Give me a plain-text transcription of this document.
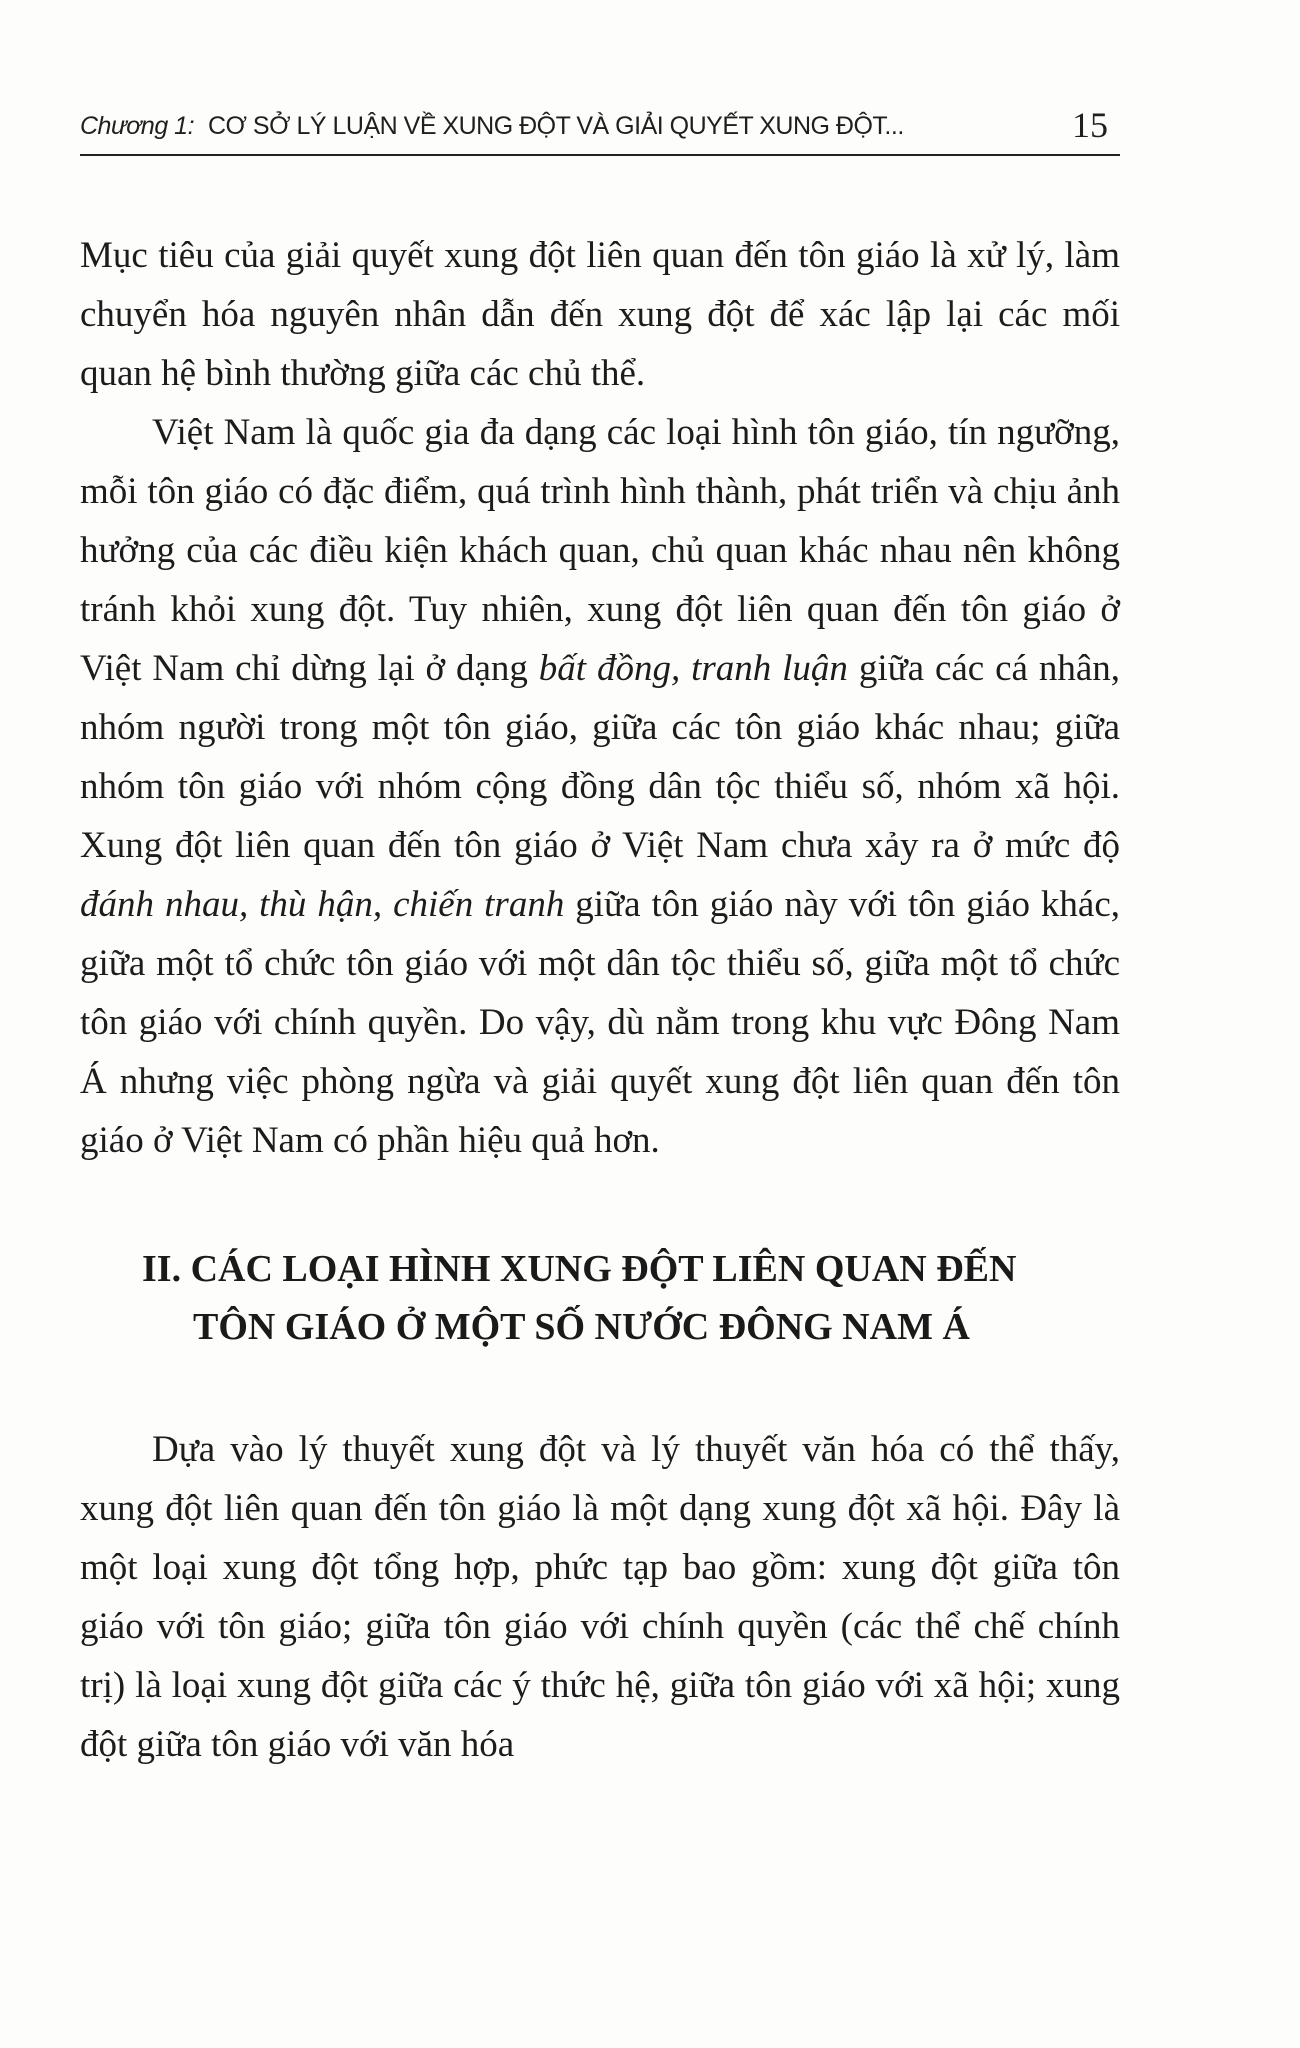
Chương 1: CƠ SỞ LÝ LUẬN VỀ XUNG ĐỘT VÀ GIẢI QUYẾT XUNG ĐỘT...	15

Mục tiêu của giải quyết xung đột liên quan đến tôn giáo là xử lý, làm chuyển hóa nguyên nhân dẫn đến xung đột để xác lập lại các mối quan hệ bình thường giữa các chủ thể.

Việt Nam là quốc gia đa dạng các loại hình tôn giáo, tín ngưỡng, mỗi tôn giáo có đặc điểm, quá trình hình thành, phát triển và chịu ảnh hưởng của các điều kiện khách quan, chủ quan khác nhau nên không tránh khỏi xung đột. Tuy nhiên, xung đột liên quan đến tôn giáo ở Việt Nam chỉ dừng lại ở dạng bất đồng, tranh luận giữa các cá nhân, nhóm người trong một tôn giáo, giữa các tôn giáo khác nhau; giữa nhóm tôn giáo với nhóm cộng đồng dân tộc thiểu số, nhóm xã hội. Xung đột liên quan đến tôn giáo ở Việt Nam chưa xảy ra ở mức độ đánh nhau, thù hận, chiến tranh giữa tôn giáo này với tôn giáo khác, giữa một tổ chức tôn giáo với một dân tộc thiểu số, giữa một tổ chức tôn giáo với chính quyền. Do vậy, dù nằm trong khu vực Đông Nam Á nhưng việc phòng ngừa và giải quyết xung đột liên quan đến tôn giáo ở Việt Nam có phần hiệu quả hơn.

II. CÁC LOẠI HÌNH XUNG ĐỘT LIÊN QUAN ĐẾN
TÔN GIÁO Ở MỘT SỐ NƯỚC ĐÔNG NAM Á

Dựa vào lý thuyết xung đột và lý thuyết văn hóa có thể thấy, xung đột liên quan đến tôn giáo là một dạng xung đột xã hội. Đây là một loại xung đột tổng hợp, phức tạp bao gồm: xung đột giữa tôn giáo với tôn giáo; giữa tôn giáo với chính quyền (các thể chế chính trị) là loại xung đột giữa các ý thức hệ, giữa tôn giáo với xã hội; xung đột giữa tôn giáo với văn hóa
